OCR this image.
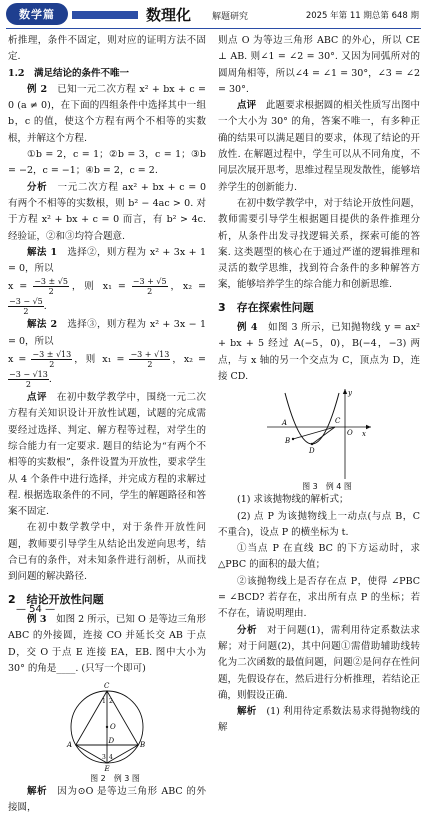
数学篇	数理化 解题研究	2025 年第 11 期总第 648 期

析推理，条件不固定，则对应的证明方法不固定.

1.2　满足结论的条件不唯一

例 2　 已知一元二次方程 x² + bx + c = 0 (a ≠ 0)，在下面的四组条件中选择其中一组 b，c 的值，使这个方程有两个不相等的实数根，并解这个方程.

①b = 2，c = 1；②b = 3，c = 1；③b = −2，c = −1；④b = 2，c = 2.

分析　 一元二次方程 ax² + bx + c = 0 有两个不相等的实数根，则 b² − 4ac > 0. 对于方程 x² + bx + c = 0 而言，有 b² > 4c. 经验证，②和③均符合题意.

解法 1　 选择②，则方程为 x² + 3x + 1 = 0，所以

$x = \frac{-3 \pm √5}{2}$ ，则 $x_1 = \frac{-3 + √5}{2}$ ，x₂ =
$\frac{-3 - √5}{2}$ .

解法 2　 选择③，则方程为 x² + 3x − 1 = 0，所以

$x = \frac{-3 \pm √13}{2}$ ，则 $x_1 = \frac{-3 + √13}{2}$ ，x₂ =
$\frac{-3 - √13}{2}$ .

点评　 在初中数学教学中，围绕一元二次方程有关知识设计开放性试题，试题的完成需要经过选择、判定、解方程等过程，对学生的综合能力有一定要求. 题目的结论为“有两个不相等的实数根”，条件设置为开放性，要求学生从 4 个条件中进行选择，并完成方程的求解过程. 根据选取条件的不同，学生的解题路径和答案不固定.

在初中数学教学中，对于条件开放性问题，教师要引导学生从结论出发逆向思考，结合已有的条件，对未知条件进行剖析，从而找到问题的解决路径.

2　结论开放性问题

例 3　 如图 2 所示，已知 O 是等边三角形 ABC 的外接圆，连接 CO 并延长交 AB 于点 D，交 O 于点 E 连接 EA，EB. 图中大小为 30° 的角是____. (只写一个即可)

C
O
A	B
D
E
1 2
3 4

图 2　例 3 图

解析　 因为⊙O 是等边三角形 ABC 的外接圆，

则点 O 为等边三角形 ABC 的外心，所以 CE ⊥ AB. 则∠1 = ∠2 = 30°. 又因为同弧所对的圆周角相等，所以∠4 = ∠1 = 30°，∠3 = ∠2 = 30°.

点评　 此题要求根据圆的相关性质写出图中一个大小为 30° 的角，答案不唯一，有多种正确的结果可以满足题目的要求，体现了结论的开放性. 在解题过程中，学生可以从不同角度，不同层次展开思考，思维过程呈现发散性，能够培养学生的创新能力.

在初中数学教学中，对于结论开放性问题，教师需要引导学生根据题目提供的条件推理分析，从条件出发寻找逻辑关系，探索可能的答案. 这类题型的核心在于通过严谨的逻辑推理和灵活的数学思维，找到符合条件的多种解答方案，能够培养学生的综合能力和创新思维.

3　存在探索性问题

例 4　 如图 3 所示，已知抛物线 y = ax² + bx + 5 经过 A(−5，0)，B(−4，−3) 两点，与 x 轴的另一个交点为 C，顶点为 D，连接 CD.

x
y
O
A
B
C
D

图 3　例 4 图

(1) 求该抛物线的解析式；

(2) 点 P 为该抛物线上一动点(与点 B，C 不重合)，设点 P 的横坐标为 t.

①当点 P 在直线 BC 的下方运动时，求△PBC 的面积的最大值；

②该抛物线上是否存在点 P，使得 ∠PBC = ∠BCD? 若存在，求出所有点 P 的坐标；若不存在，请说明理由.

分析　 对于问题(1)，需利用待定系数法求解；对于问题(2)，其中问题①需借助辅助线转化为二次函数的最值问题，问题②是问存在性问题，先假设存在，然后进行分析推理，若结论正确，则假设正确.

解析　 (1) 利用待定系数法易求得抛物线的解

— 54 —
